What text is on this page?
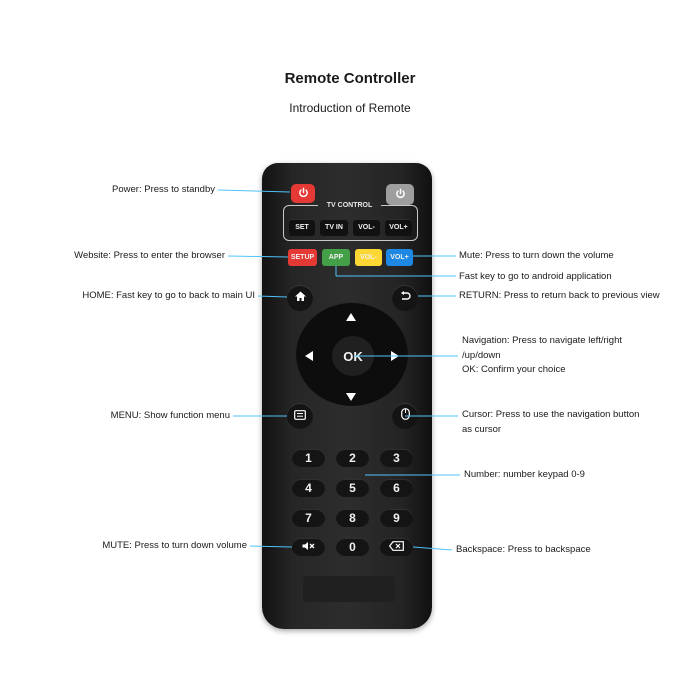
Remote Controller
Introduction of Remote
TV CONTROL
SET	TV IN	VOL-	VOL+
SETUP	APP	VOL-	VOL+
OK
1	2	3
4	5	6
7	8	9
0
Power: Press to standby
Website: Press to enter the browser
HOME: Fast key to go to back to main UI
MENU: Show function menu
MUTE: Press to turn down volume
Mute: Press to turn down the volume
Fast key to go to android application
RETURN: Press to return back to previous view
Navigation: Press to navigate left/right
/up/down
OK: Confirm your choice
Cursor: Press to use the navigation button
as cursor
Number: number keypad 0-9
Backspace: Press to backspace
